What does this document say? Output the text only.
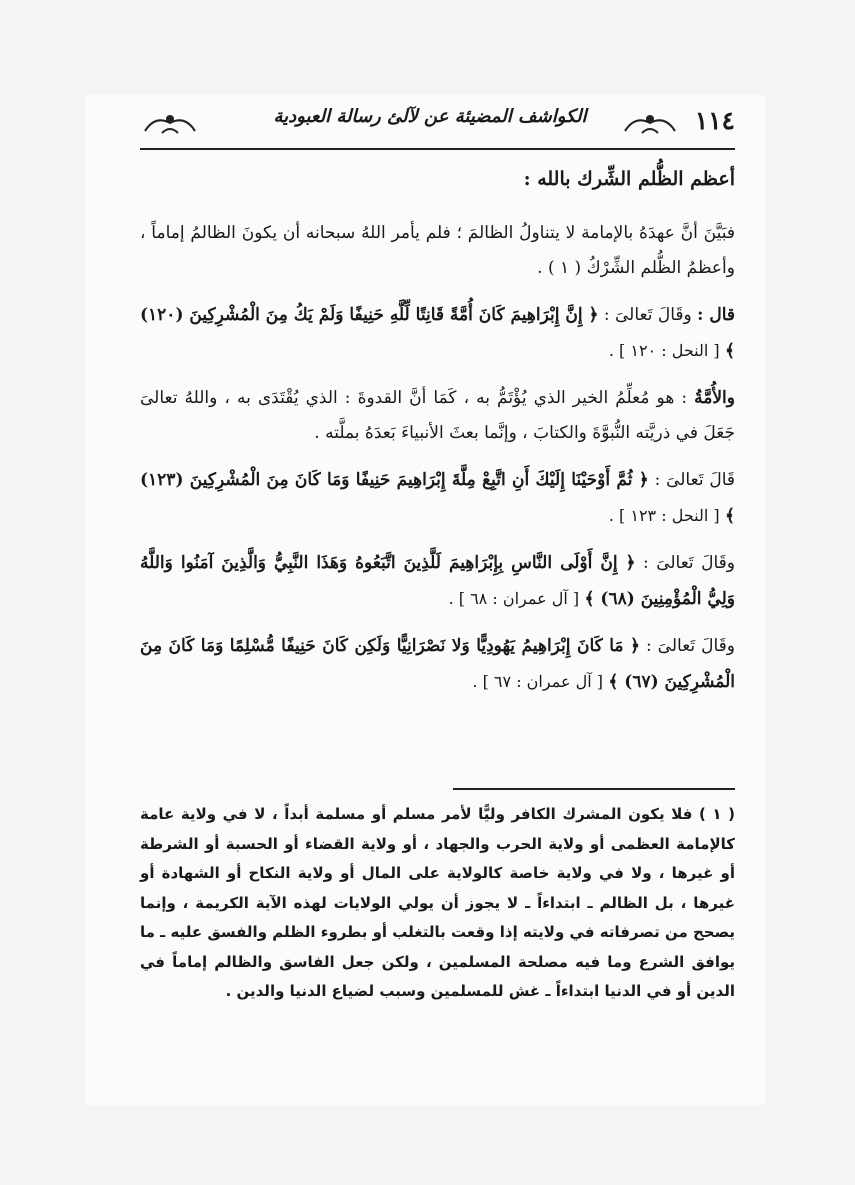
١١٤
الكواشف المضيئة عن لآلئ رسالة العبودية
أعظم الظُّلم الشِّرك بالله :

فبَيَّنَ أنَّ عهدَهُ بالإمامة لا يتناولُ الظالمَ ؛ فلم يأمر اللهُ سبحانه أن يكونَ الظالمُ إماماً ، وأعظمُ الظُّلم الشِّرْكُ ( ١ ) .

قال : وقَالَ تَعالىَ : ﴿ إِنَّ إِبْرَاهِيمَ كَانَ أُمَّةً قَانِتًا لِّلَّهِ حَنِيفًا وَلَمْ يَكُ مِنَ الْمُشْرِكِينَ (١٢٠) ﴾ [ النحل : ١٢٠ ] .

والأُمَّةُ : هو مُعلِّمُ الخير الذي يُؤْتَمُّ به ، كَمَا أنَّ القدوةَ : الذي يُقْتَدَى به ، واللهُ تعالىَ جَعَلَ في ذريَّته النُّبوَّةَ والكتابَ ، وإنَّما بعثَ الأنبياءَ بَعدَهُ بملَّته .

قَالَ تَعالىَ : ﴿ ثُمَّ أَوْحَيْنَا إِلَيْكَ أَنِ اتَّبِعْ مِلَّةَ إِبْرَاهِيمَ حَنِيفًا وَمَا كَانَ مِنَ الْمُشْرِكِينَ (١٢٣) ﴾ [ النحل : ١٢٣ ] .

وقَالَ تَعالىَ : ﴿ إِنَّ أَوْلَى النَّاسِ بِإِبْرَاهِيمَ لَلَّذِينَ اتَّبَعُوهُ وَهَذَا النَّبِيُّ وَالَّذِينَ آمَنُوا وَاللَّهُ وَلِيُّ الْمُؤْمِنِينَ (٦٨) ﴾ [ آل عمران : ٦٨ ] .

وقَالَ تَعالىَ : ﴿ مَا كَانَ إِبْرَاهِيمُ يَهُودِيًّا وَلا نَصْرَانِيًّا وَلَكِن كَانَ حَنِيفًا مُّسْلِمًا وَمَا كَانَ مِنَ الْمُشْرِكِينَ (٦٧) ﴾ [ آل عمران : ٦٧ ] .

( ١ ) فلا يكون المشرك الكافر وليًّا لأمر مسلم أو مسلمة أبداً ، لا في ولاية عامة كالإمامة العظمى أو ولاية الحرب والجهاد ، أو ولاية القضاء أو الحسبة أو الشرطة أو غيرها ، ولا في ولاية خاصة كالولاية على المال أو ولاية النكاح أو الشهادة أو غيرها ، بل الظالم ـ ابتداءاً ـ لا يجوز أن يولي الولايات لهذه الآية الكريمة ، وإنما يصحح من تصرفاته في ولايته إذا وقعت بالتغلب أو بطروء الظلم والفسق عليه ـ ما يوافق الشرع وما فيه مصلحة المسلمين ، ولكن جعل الفاسق والظالم إماماً في الدين أو في الدنيا ابتداءاً ـ غش للمسلمين وسبب لضياع الدنيا والدين .
